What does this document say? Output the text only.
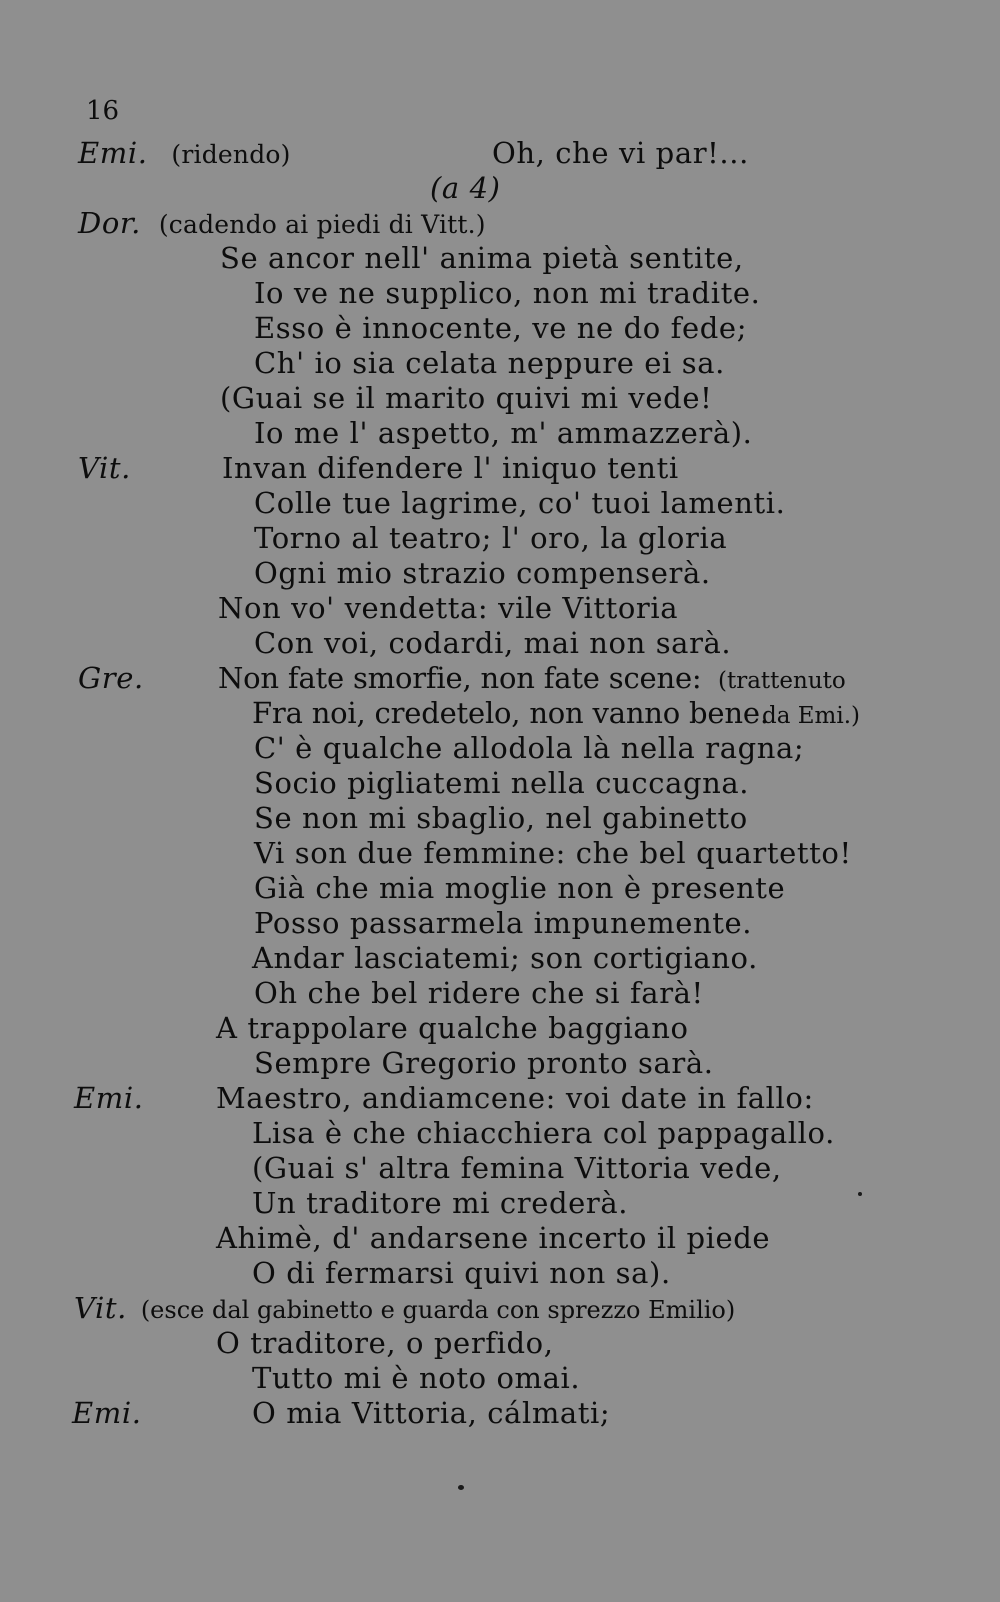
16
Emi. (ridendo)	Oh, che vi par!...
(a 4)
Dor. (cadendo ai piedi di Vitt.)
Se ancor nell' anima pietà sentite,
Io ve ne supplico, non mi tradite.
Esso è innocente, ve ne do fede;
Ch' io sia celata neppure ei sa.
(Guai se il marito quivi mi vede!
Io me l' aspetto, m' ammazzerà).
Vit.	Invan difendere l' iniquo tenti
Colle tue lagrime, co' tuoi lamenti.
Torno al teatro; l' oro, la gloria
Ogni mio strazio compenserà.
Non vo' vendetta: vile Vittoria
Con voi, codardi, mai non sarà.
Gre.	Non fate smorfie, non fate scene: (trattenuto
Fra noi, credetelo, non vanno bene.
da Emi.)
C' è qualche allodola là nella ragna;
Socio pigliatemi nella cuccagna.
Se non mi sbaglio, nel gabinetto
Vi son due femmine: che bel quartetto!
Già che mia moglie non è presente
Posso passarmela impunemente.
Andar lasciatemi; son cortigiano.
Oh che bel ridere che si farà!
A trappolare qualche baggiano
Sempre Gregorio pronto sarà.
Emi. Maestro, andiamcene: voi date in fallo:
Lisa è che chiacchiera col pappagallo.
(Guai s' altra femina Vittoria vede,
Un traditore mi crederà.
Ahimè, d' andarsene incerto il piede
O di fermarsi quivi non sa).
Vit. (esce dal gabinetto e guarda con sprezzo Emilio)
O traditore, o perfido,
Tutto mi è noto omai.
Emi.	O mia Vittoria, cálmati;
